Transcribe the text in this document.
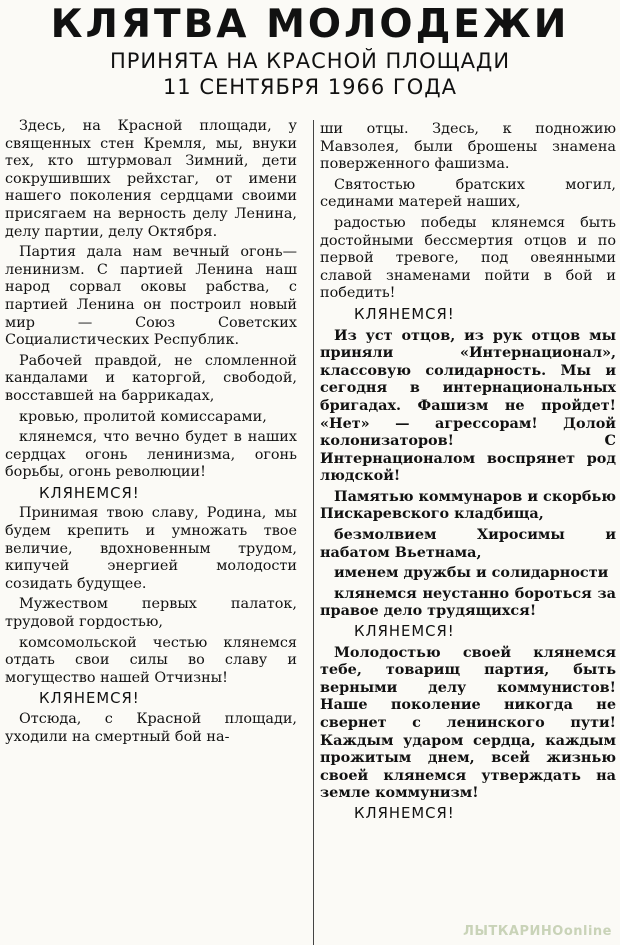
КЛЯТВА МОЛОДЕЖИ

ПРИНЯТА НА КРАСНОЙ ПЛОЩАДИ

11 СЕНТЯБРЯ 1966 ГОДА

Здесь, на Красной площади, у священных стен Кремля, мы, внуки тех, кто штурмовал Зимний, дети сокрушивших рейхстаг, от имени нашего поколения сердцами своими присягаем на верность делу Ленина, делу партии, делу Октября.

Партия дала нам вечный огонь—ленинизм. С партией Ленина наш народ сорвал оковы рабства, с партией Ленина он построил новый мир — Союз Советских Социалистических Республик.

Рабочей правдой, не сломленной кандалами и каторгой, свободой, восставшей на баррикадах,

кровью, пролитой комиссарами,

клянемся, что вечно будет в наших сердцах огонь ленинизма, огонь борьбы, огонь революции!

КЛЯНЕМСЯ!

Принимая твою славу, Родина, мы будем крепить и умножать твое величие, вдохновенным трудом, кипучей энергией молодости созидать будущее.

Мужеством первых палаток, трудовой гордостью,

комсомольской честью клянемся отдать свои силы во славу и могущество нашей Отчизны!

КЛЯНЕМСЯ!

Отсюда, с Красной площади, уходили на смертный бой на-

ши отцы. Здесь, к подножию Мавзолея, были брошены знамена поверженного фашизма.

Святостью братских могил, сединами матерей наших,

радостью победы клянемся быть достойными бессмертия отцов и по первой тревоге, под овеянными славой знаменами пойти в бой и победить!

КЛЯНЕМСЯ!

Из уст отцов, из рук отцов мы приняли «Интернационал», классовую солидарность. Мы и сегодня в интернациональных бригадах. Фашизм не пройдет! «Нет» — агрессорам! Долой колонизаторов! С Интернационалом воспрянет род людской!

Памятью коммунаров и скорбью Пискаревского кладбища,

безмолвием Хиросимы и набатом Вьетнама,

именем дружбы и солидарности

клянемся неустанно бороться за правое дело трудящихся!

КЛЯНЕМСЯ!

Молодостью своей клянемся тебе, товарищ партия, быть верными делу коммунистов! Наше поколение никогда не свернет с ленинского пути! Каждым ударом сердца, каждым прожитым днем, всей жизнью своей клянемся утверждать на земле коммунизм!

КЛЯНЕМСЯ!

ЛЫТКАРИНОonline
